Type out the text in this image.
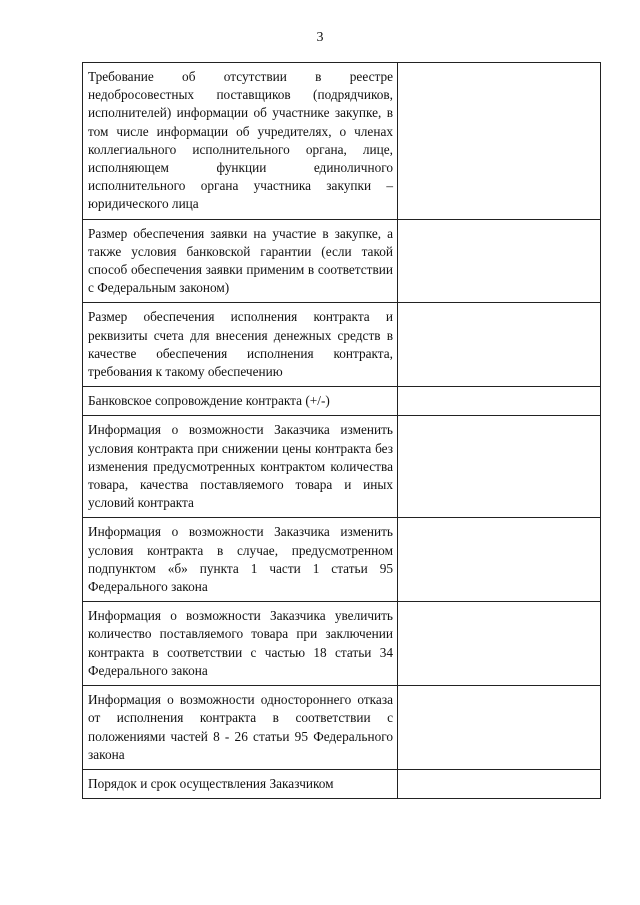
3
Требование об отсутствии в реестре недобросовестных поставщиков (подрядчиков, исполнителей) информации об участнике закупке, в том числе информации об учредителях, о членах коллегиального исполнительного органа, лице, исполняющем функции единоличного исполнительного органа участника закупки – юридического лица	
Размер обеспечения заявки на участие в закупке, а также условия банковской гарантии (если такой способ обеспечения заявки применим в соответствии с Федеральным законом)	
Размер обеспечения исполнения контракта и реквизиты счета для внесения денежных средств в качестве обеспечения исполнения контракта, требования к такому обеспечению	
Банковское сопровождение контракта (+/-)	
Информация о возможности Заказчика изменить условия контракта при снижении цены контракта без изменения предусмотренных контрактом количества товара, качества поставляемого товара и иных условий контракта	
Информация о возможности Заказчика изменить условия контракта в случае, предусмотренном подпунктом «б» пункта 1 части 1 статьи 95 Федерального закона	
Информация о возможности Заказчика увеличить количество поставляемого товара при заключении контракта в соответствии с частью 18 статьи 34 Федерального закона	
Информация о возможности одностороннего отказа от исполнения контракта в соответствии с положениями частей 8 - 26 статьи 95 Федерального закона	
Порядок и срок осуществления Заказчиком	
